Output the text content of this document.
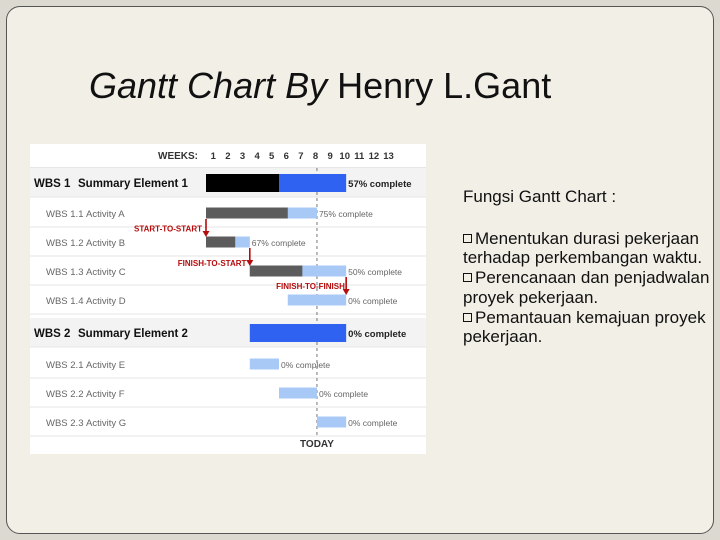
Gantt Chart By Henry L.Gant
Fungsi Gantt Chart :
Menentukan durasi pekerjaan terhadap perkembangan waktu.
Perencanaan dan penjadwalan proyek pekerjaan.
Pemantauan kemajuan proyek pekerjaan.
WEEKS: 1 2 3 4 5 6 7 8 9 10 11 12 13
WBS 1 Summary Element 1
WBS 1.1 Activity A
WBS 1.2 Activity B
WBS 1.3 Activity C
WBS 1.4 Activity D
WBS 2 Summary Element 2
WBS 2.1 Activity E
WBS 2.2 Activity F
WBS 2.3 Activity G
TODAY
57% complete
75% complete
67% complete
50% complete
0% complete
0% complete
0% complete
0% complete
0% complete
START-TO-START
FINISH-TO-START
FINISH-TO-FINISH
